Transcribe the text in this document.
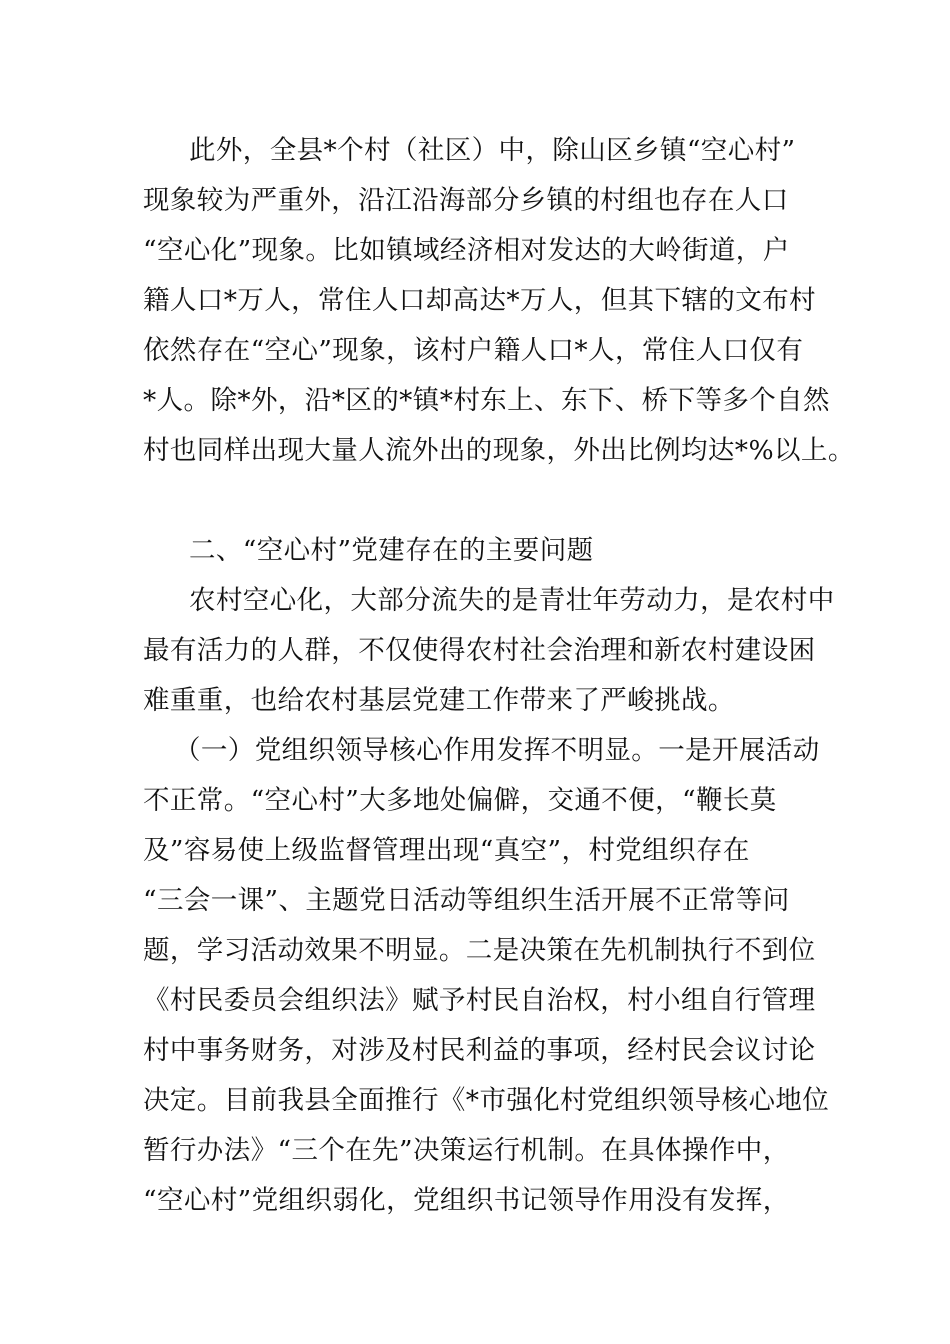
此外，全县*个村（社区）中，除山区乡镇“空心村”
现象较为严重外，沿江沿海部分乡镇的村组也存在人口
“空心化”现象。比如镇域经济相对发达的大岭街道，户
籍人口*万人，常住人口却高达*万人，但其下辖的文布村
依然存在“空心”现象，该村户籍人口*人，常住人口仅有
*人。除*外，沿*区的*镇*村东上、东下、桥下等多个自然
村也同样出现大量人流外出的现象，外出比例均达*%以上。
二、“空心村”党建存在的主要问题
农村空心化，大部分流失的是青壮年劳动力，是农村中
最有活力的人群，不仅使得农村社会治理和新农村建设困
难重重，也给农村基层党建工作带来了严峻挑战。
（一）党组织领导核心作用发挥不明显。一是开展活动
不正常。“空心村”大多地处偏僻，交通不便，“鞭长莫
及”容易使上级监督管理出现“真空”，村党组织存在
“三会一课”、主题党日活动等组织生活开展不正常等问
题，学习活动效果不明显。二是决策在先机制执行不到位
《村民委员会组织法》赋予村民自治权，村小组自行管理
村中事务财务，对涉及村民利益的事项，经村民会议讨论
决定。目前我县全面推行《*市强化村党组织领导核心地位
暂行办法》“三个在先”决策运行机制。在具体操作中，
“空心村”党组织弱化，党组织书记领导作用没有发挥，
